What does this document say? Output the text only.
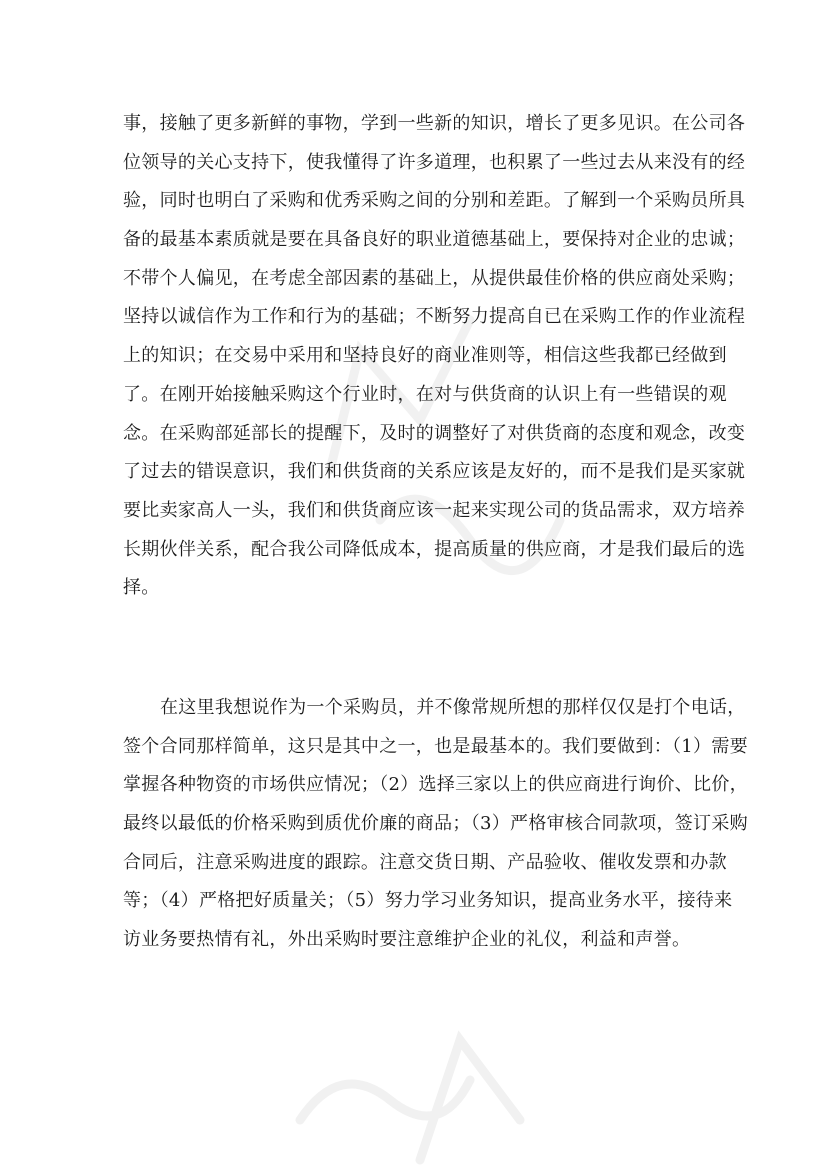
事，接触了更多新鲜的事物，学到一些新的知识，增长了更多见识。在公司各
位领导的关心支持下，使我懂得了许多道理，也积累了一些过去从来没有的经
验，同时也明白了采购和优秀采购之间的分别和差距。了解到一个采购员所具
备的最基本素质就是要在具备良好的职业道德基础上，要保持对企业的忠诚；
不带个人偏见，在考虑全部因素的基础上，从提供最佳价格的供应商处采购；
坚持以诚信作为工作和行为的基础；不断努力提高自已在采购工作的作业流程
上的知识；在交易中采用和坚持良好的商业准则等，相信这些我都已经做到
了。在刚开始接触采购这个行业时，在对与供货商的认识上有一些错误的观
念。在采购部延部长的提醒下，及时的调整好了对供货商的态度和观念，改变
了过去的错误意识，我们和供货商的关系应该是友好的，而不是我们是买家就
要比卖家高人一头，我们和供货商应该一起来实现公司的货品需求，双方培养
长期伙伴关系，配合我公司降低成本，提高质量的供应商，才是我们最后的选
择。

在这里我想说作为一个采购员，并不像常规所想的那样仅仅是打个电话，
签个合同那样简单，这只是其中之一，也是最基本的。我们要做到：（1）需要
掌握各种物资的市场供应情况；（2）选择三家以上的供应商进行询价、比价，
最终以最低的价格采购到质优价廉的商品；（3）严格审核合同款项，签订采购
合同后，注意采购进度的跟踪。注意交货日期、产品验收、催收发票和办款
等；（4）严格把好质量关；（5）努力学习业务知识，提高业务水平，接待来
访业务要热情有礼，外出采购时要注意维护企业的礼仪，利益和声誉。
